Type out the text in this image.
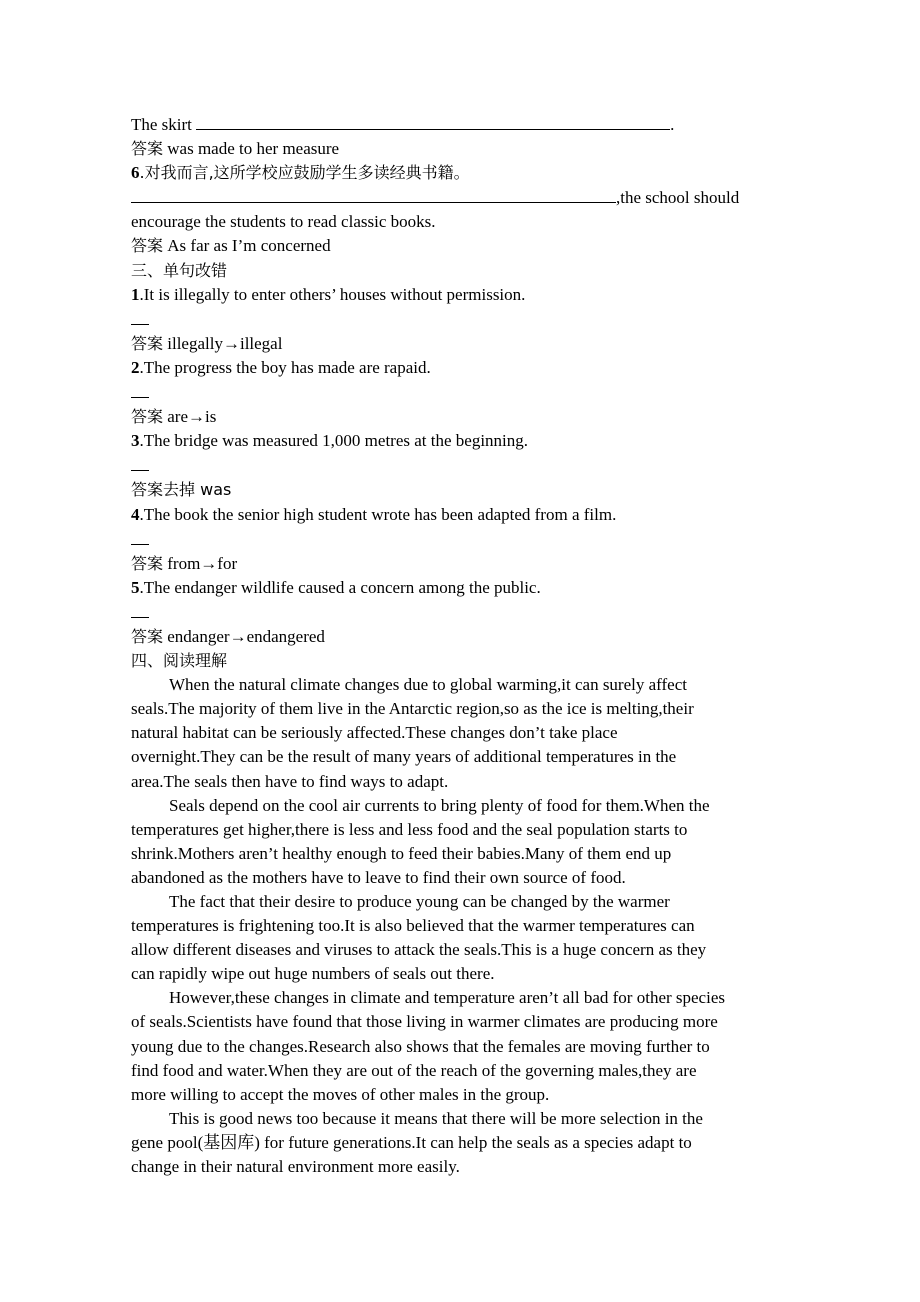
The skirt	.
答案 was made to her measure
6.对我而言,这所学校应鼓励学生多读经典书籍。
,the school should
encourage the students to read classic books.
答案 As far as I’m concerned
三、单句改错
1.It is illegally to enter others’ houses without permission.
答案 illegally→illegal
2.The progress the boy has made are rapaid.
答案 are→is
3.The bridge was measured 1,000 metres at the beginning.
答案去掉 was
4.The book the senior high student wrote has been adapted from a film.
答案 from→for
5.The endanger wildlife caused a concern among the public.
答案 endanger→endangered
四、阅读理解
When the natural climate changes due to global warming,it can surely affect
seals.The majority of them live in the Antarctic region,so as the ice is melting,their
natural habitat can be seriously affected.These changes don’t take place
overnight.They can be the result of many years of additional temperatures in the
area.The seals then have to find ways to adapt.
Seals depend on the cool air currents to bring plenty of food for them.When the
temperatures get higher,there is less and less food and the seal population starts to
shrink.Mothers aren’t healthy enough to feed their babies.Many of them end up
abandoned as the mothers have to leave to find their own source of food.
The fact that their desire to produce young can be changed by the warmer
temperatures is frightening too.It is also believed that the warmer temperatures can
allow different diseases and viruses to attack the seals.This is a huge concern as they
can rapidly wipe out huge numbers of seals out there.
However,these changes in climate and temperature aren’t all bad for other species
of seals.Scientists have found that those living in warmer climates are producing more
young due to the changes.Research also shows that the females are moving further to
find food and water.When they are out of the reach of the governing males,they are
more willing to accept the moves of other males in the group.
This is good news too because it means that there will be more selection in the
gene pool(基因库) for future generations.It can help the seals as a species adapt to
change in their natural environment more easily.
